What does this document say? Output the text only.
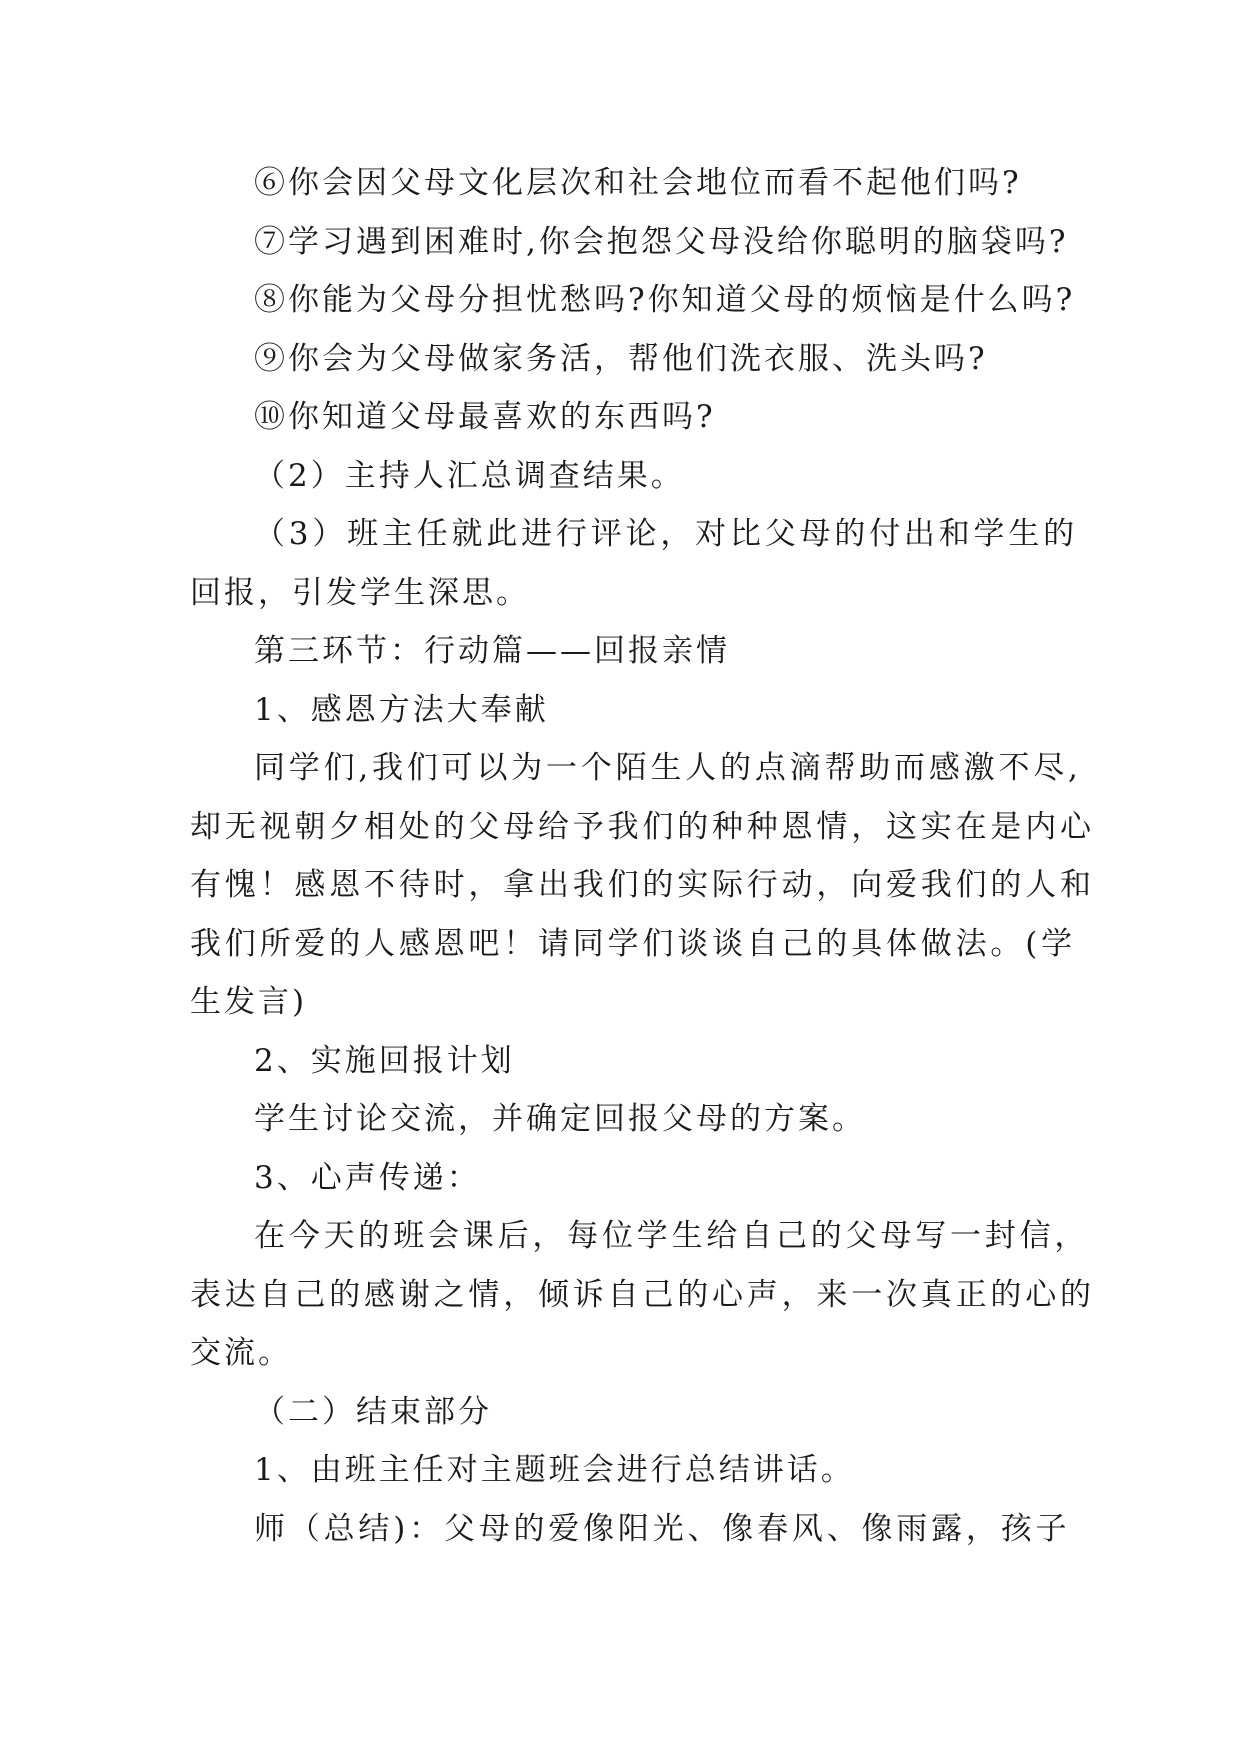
⑥你会因父母文化层次和社会地位而看不起他们吗?

⑦学习遇到困难时,你会抱怨父母没给你聪明的脑袋吗?

⑧你能为父母分担忧愁吗?你知道父母的烦恼是什么吗?

⑨你会为父母做家务活，帮他们洗衣服、洗头吗?

⑩你知道父母最喜欢的东西吗?

（2）主持人汇总调查结果。

（3）班主任就此进行评论，对比父母的付出和学生的

回报，引发学生深思。

第三环节：行动篇——回报亲情

1、感恩方法大奉献

同学们,我们可以为一个陌生人的点滴帮助而感激不尽,

却无视朝夕相处的父母给予我们的种种恩情，这实在是内心

有愧！感恩不待时，拿出我们的实际行动，向爱我们的人和

我们所爱的人感恩吧！请同学们谈谈自己的具体做法。(学

生发言)

2、实施回报计划

学生讨论交流，并确定回报父母的方案。

3、心声传递：

在今天的班会课后，每位学生给自己的父母写一封信，

表达自己的感谢之情，倾诉自己的心声，来一次真正的心的

交流。

（二）结束部分

1、由班主任对主题班会进行总结讲话。

师（总结)：父母的爱像阳光、像春风、像雨露，孩子
